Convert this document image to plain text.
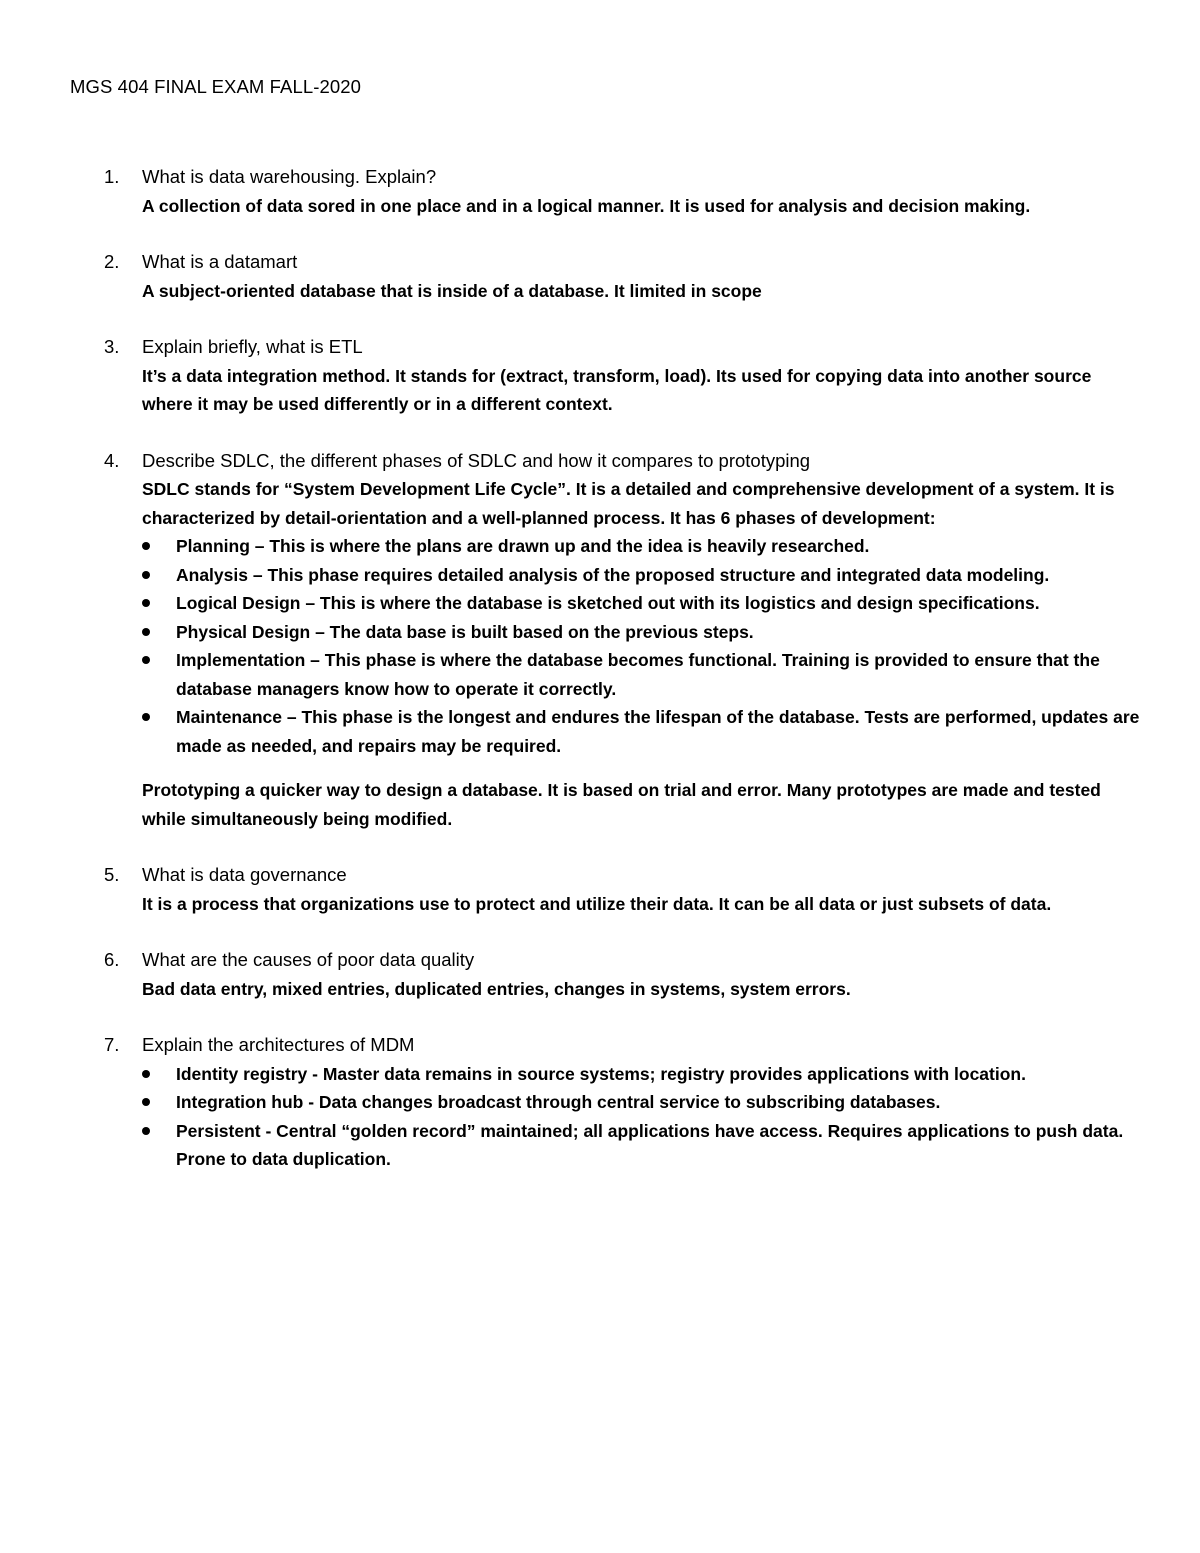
MGS 404 FINAL EXAM FALL-2020
1. What is data warehousing. Explain?
A collection of data sored in one place and in a logical manner. It is used for analysis and decision making.
2. What is a datamart
A subject-oriented database that is inside of a database. It limited in scope
3. Explain briefly, what is ETL
It’s a data integration method. It stands for (extract, transform, load). Its used for copying data into another source where it may be used differently or in a different context.
4. Describe SDLC, the different phases of SDLC and how it compares to prototyping
SDLC stands for “System Development Life Cycle”. It is a detailed and comprehensive development of a system. It is characterized by detail-orientation and a well-planned process. It has 6 phases of development:
Planning – This is where the plans are drawn up and the idea is heavily researched.
Analysis – This phase requires detailed analysis of the proposed structure and integrated data modeling.
Logical Design – This is where the database is sketched out with its logistics and design specifications.
Physical Design – The data base is built based on the previous steps.
Implementation – This phase is where the database becomes functional. Training is provided to ensure that the database managers know how to operate it correctly.
Maintenance – This phase is the longest and endures the lifespan of the database. Tests are performed, updates are made as needed, and repairs may be required.
Prototyping a quicker way to design a database. It is based on trial and error. Many prototypes are made and tested while simultaneously being modified.
5. What is data governance
It is a process that organizations use to protect and utilize their data. It can be all data or just subsets of data.
6. What are the causes of poor data quality
Bad data entry, mixed entries, duplicated entries, changes in systems, system errors.
7. Explain the architectures of MDM
Identity registry - Master data remains in source systems; registry provides applications with location.
Integration hub - Data changes broadcast through central service to subscribing databases.
Persistent - Central “golden record” maintained; all applications have access. Requires applications to push data. Prone to data duplication.
